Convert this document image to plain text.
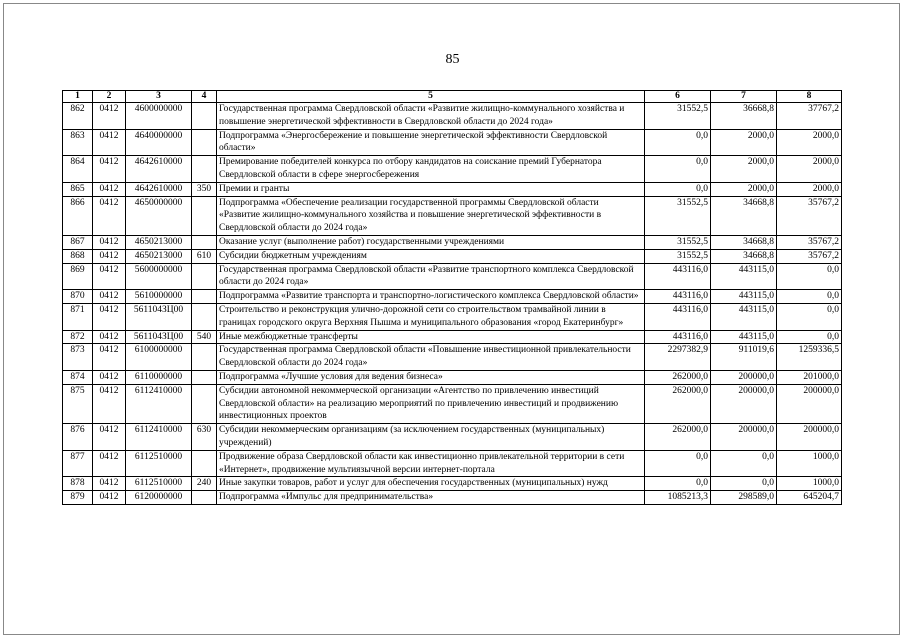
85
1	2	3	4	5	6	7	8
862	0412	4600000000		Государственная программа Свердловской области «Развитие жилищно-коммунального хозяйства и повышение энергетической эффективности в Свердловской области до 2024 года»	31552,5	36668,8	37767,2
863	0412	4640000000		Подпрограмма «Энергосбережение и повышение энергетической эффективности Свердловской области»	0,0	2000,0	2000,0
864	0412	4642610000		Премирование победителей конкурса по отбору кандидатов на соискание премий Губернатора Свердловской области в сфере энергосбережения	0,0	2000,0	2000,0
865	0412	4642610000	350	Премии и гранты	0,0	2000,0	2000,0
866	0412	4650000000		Подпрограмма «Обеспечение реализации государственной программы Свердловской области «Развитие жилищно-коммунального хозяйства и повышение энергетической эффективности в Свердловской области до 2024 года»	31552,5	34668,8	35767,2
867	0412	4650213000		Оказание услуг (выполнение работ) государственными учреждениями	31552,5	34668,8	35767,2
868	0412	4650213000	610	Субсидии бюджетным учреждениям	31552,5	34668,8	35767,2
869	0412	5600000000		Государственная программа Свердловской области «Развитие транспортного комплекса Свердловской области до 2024 года»	443116,0	443115,0	0,0
870	0412	5610000000		Подпрограмма «Развитие транспорта и транспортно-логистического комплекса Свердловской области»	443116,0	443115,0	0,0
871	0412	561104ЗЦ00		Строительство и реконструкция улично-дорожной сети со строительством трамвайной линии в границах городского округа Верхняя Пышма и муниципального образования «город Екатеринбург»	443116,0	443115,0	0,0
872	0412	561104ЗЦ00	540	Иные межбюджетные трансферты	443116,0	443115,0	0,0
873	0412	6100000000		Государственная программа Свердловской области «Повышение инвестиционной привлекательности Свердловской области до 2024 года»	2297382,9	911019,6	1259336,5
874	0412	6110000000		Подпрограмма «Лучшие условия для ведения бизнеса»	262000,0	200000,0	201000,0
875	0412	6112410000		Субсидии автономной некоммерческой организации «Агентство по привлечению инвестиций Свердловской области» на реализацию мероприятий по привлечению инвестиций и продвижению инвестиционных проектов	262000,0	200000,0	200000,0
876	0412	6112410000	630	Субсидии некоммерческим организациям (за исключением государственных (муниципальных) учреждений)	262000,0	200000,0	200000,0
877	0412	6112510000		Продвижение образа Свердловской области как инвестиционно привлекательной территории в сети «Интернет», продвижение мультиязычной версии интернет-портала	0,0	0,0	1000,0
878	0412	6112510000	240	Иные закупки товаров, работ и услуг для обеспечения государственных (муниципальных) нужд	0,0	0,0	1000,0
879	0412	6120000000		Подпрограмма «Импульс для предпринимательства»	1085213,3	298589,0	645204,7
